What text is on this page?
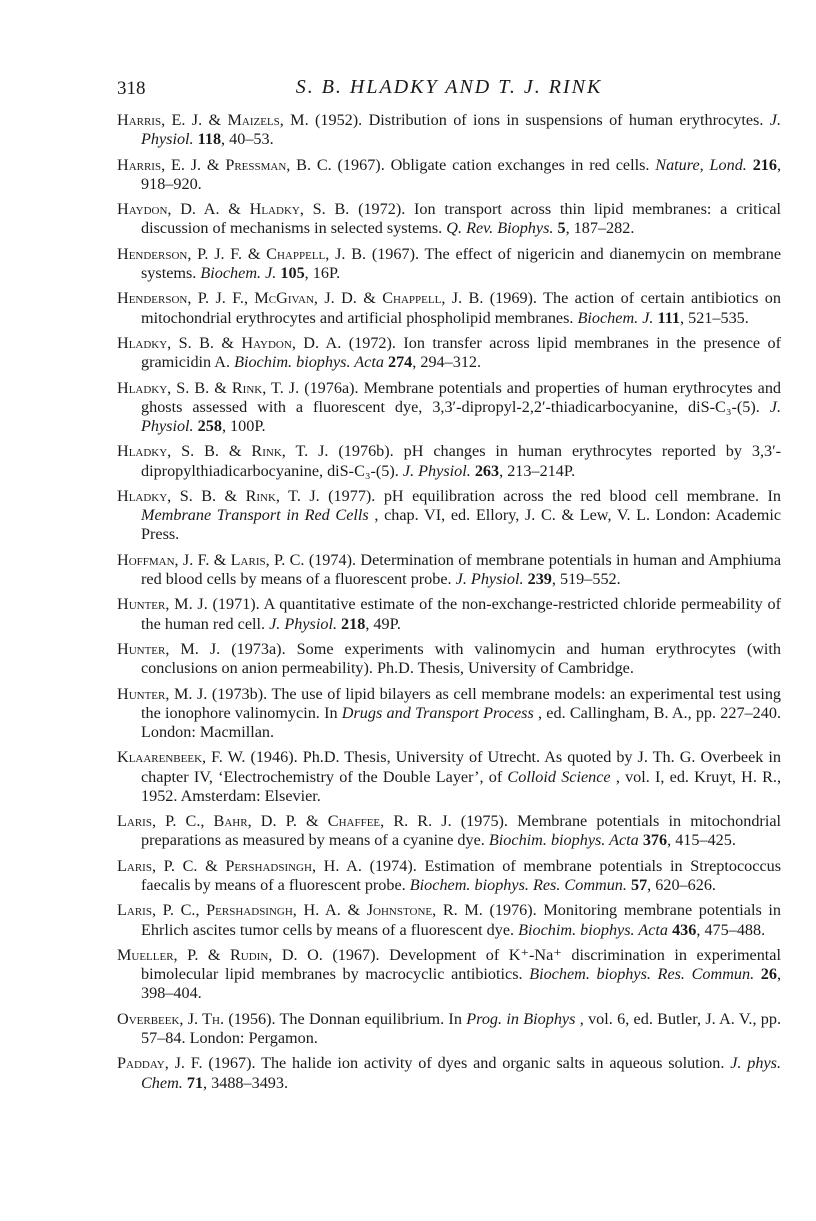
318	S. B. HLADKY AND T. J. RINK

Harris, E. J. & Maizels, M. (1952). Distribution of ions in suspensions of human erythrocytes. J. Physiol. 118, 40–53.

Harris, E. J. & Pressman, B. C. (1967). Obligate cation exchanges in red cells. Nature, Lond. 216, 918–920.

Haydon, D. A. & Hladky, S. B. (1972). Ion transport across thin lipid membranes: a critical discussion of mechanisms in selected systems. Q. Rev. Biophys. 5, 187–282.

Henderson, P. J. F. & Chappell, J. B. (1967). The effect of nigericin and dianemycin on membrane systems. Biochem. J. 105, 16P.

Henderson, P. J. F., McGivan, J. D. & Chappell, J. B. (1969). The action of certain antibiotics on mitochondrial erythrocytes and artificial phospholipid membranes. Biochem. J. 111, 521–535.

Hladky, S. B. & Haydon, D. A. (1972). Ion transfer across lipid membranes in the presence of gramicidin A. Biochim. biophys. Acta 274, 294–312.

Hladky, S. B. & Rink, T. J. (1976a). Membrane potentials and properties of human erythrocytes and ghosts assessed with a fluorescent dye, 3,3′-dipropyl-2,2′-thiadicarbocyanine, diS-C₃-(5). J. Physiol. 258, 100P.

Hladky, S. B. & Rink, T. J. (1976b). pH changes in human erythrocytes reported by 3,3′-dipropylthiadicarbocyanine, diS-C₃-(5). J. Physiol. 263, 213–214P.

Hladky, S. B. & Rink, T. J. (1977). pH equilibration across the red blood cell membrane. In Membrane Transport in Red Cells , chap. VI, ed. Ellory, J. C. & Lew, V. L. London: Academic Press.

Hoffman, J. F. & Laris, P. C. (1974). Determination of membrane potentials in human and Amphiuma red blood cells by means of a fluorescent probe. J. Physiol. 239, 519–552.

Hunter, M. J. (1971). A quantitative estimate of the non-exchange-restricted chloride permeability of the human red cell. J. Physiol. 218, 49P.

Hunter, M. J. (1973a). Some experiments with valinomycin and human erythrocytes (with conclusions on anion permeability). Ph.D. Thesis, University of Cambridge.

Hunter, M. J. (1973b). The use of lipid bilayers as cell membrane models: an experimental test using the ionophore valinomycin. In Drugs and Transport Process , ed. Callingham, B. A., pp. 227–240. London: Macmillan.

Klaarenbeek, F. W. (1946). Ph.D. Thesis, University of Utrecht. As quoted by J. Th. G. Overbeek in chapter IV, ‘Electrochemistry of the Double Layer’, of Colloid Science , vol. I, ed. Kruyt, H. R., 1952. Amsterdam: Elsevier.

Laris, P. C., Bahr, D. P. & Chaffee, R. R. J. (1975). Membrane potentials in mitochondrial preparations as measured by means of a cyanine dye. Biochim. biophys. Acta 376, 415–425.

Laris, P. C. & Pershadsingh, H. A. (1974). Estimation of membrane potentials in Streptococcus faecalis by means of a fluorescent probe. Biochem. biophys. Res. Commun. 57, 620–626.

Laris, P. C., Pershadsingh, H. A. & Johnstone, R. M. (1976). Monitoring membrane potentials in Ehrlich ascites tumor cells by means of a fluorescent dye. Biochim. biophys. Acta 436, 475–488.

Mueller, P. & Rudin, D. O. (1967). Development of K⁺-Na⁺ discrimination in experimental bimolecular lipid membranes by macrocyclic antibiotics. Biochem. biophys. Res. Commun. 26, 398–404.

Overbeek, J. Th. (1956). The Donnan equilibrium. In Prog. in Biophys , vol. 6, ed. Butler, J. A. V., pp. 57–84. London: Pergamon.

Padday, J. F. (1967). The halide ion activity of dyes and organic salts in aqueous solution. J. phys. Chem. 71, 3488–3493.
